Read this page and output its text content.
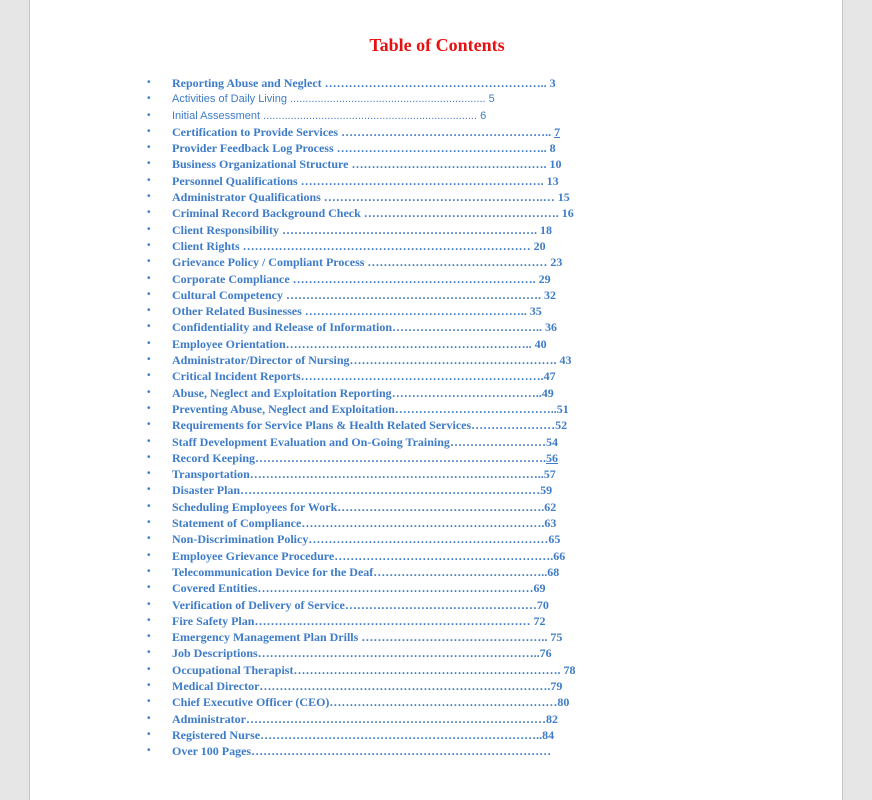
Table of Contents
• Reporting Abuse and Neglect ……………………………………………….. 3
• Activities of Daily Living ................................................................ 5
• Initial Assessment ...................................................................... 6
• Certification to Provide Services …………………………………………….. 7
• Provider Feedback Log Process …………………………………………….. 8
• Business Organizational Structure …………………………………………. 10
• Personnel Qualifications ……………………………………………………. 13
• Administrator Qualifications ……………………………………………….… 15
• Criminal Record Background Check …………………………………………. 16
• Client Responsibility ………………………………………………………. 18
• Client Rights ……………………………………………………………… 20
• Grievance Policy / Compliant Process ……………………………………… 23
• Corporate Compliance ……………………………………………………. 29
• Cultural Competency ………………………………………………………. 32
• Other Related Businesses ……………………………………………….. 35
• Confidentiality and Release of Information……………………………….. 36
• Employee Orientation…………………………………………………….. 40
• Administrator/Director of Nursing……………………………………………. 43
• Critical Incident Reports…………………………………………………….47
• Abuse, Neglect and Exploitation Reporting………………………………..49
• Preventing Abuse, Neglect and Exploitation…………………………………..51
• Requirements for Service Plans & Health Related Services…………………52
• Staff Development Evaluation and On-Going Training……………………54
• Record Keeping……………………………………………………………….56
• Transportation………………………………………………………………..57
• Disaster Plan…………………………………………………………………59
• Scheduling Employees for Work…………………………………………….62
• Statement of Compliance…………………………………………………….63
• Non-Discrimination Policy……………………………………………………65
• Employee Grievance Procedure……………………………………………….66
• Telecommunication Device for the Deaf……………………………………..68
• Covered Entities……………………………………………………………69
• Verification of Delivery of Service…………………………………………70
• Fire Safety Plan…………………………………………………………… 72
• Emergency Management Plan Drills ……………………………………….. 75
• Job Descriptions……………………………………………………………..76
• Occupational Therapist…………………………………………………………. 78
• Medical Director……………………………………………………………….79
• Chief Executive Officer (CEO)…………………………………………………80
• Administrator…………………………………………………………………82
• Registered Nurse……………………………………………………………..84
• Over 100 Pages…………………………………………………………………
